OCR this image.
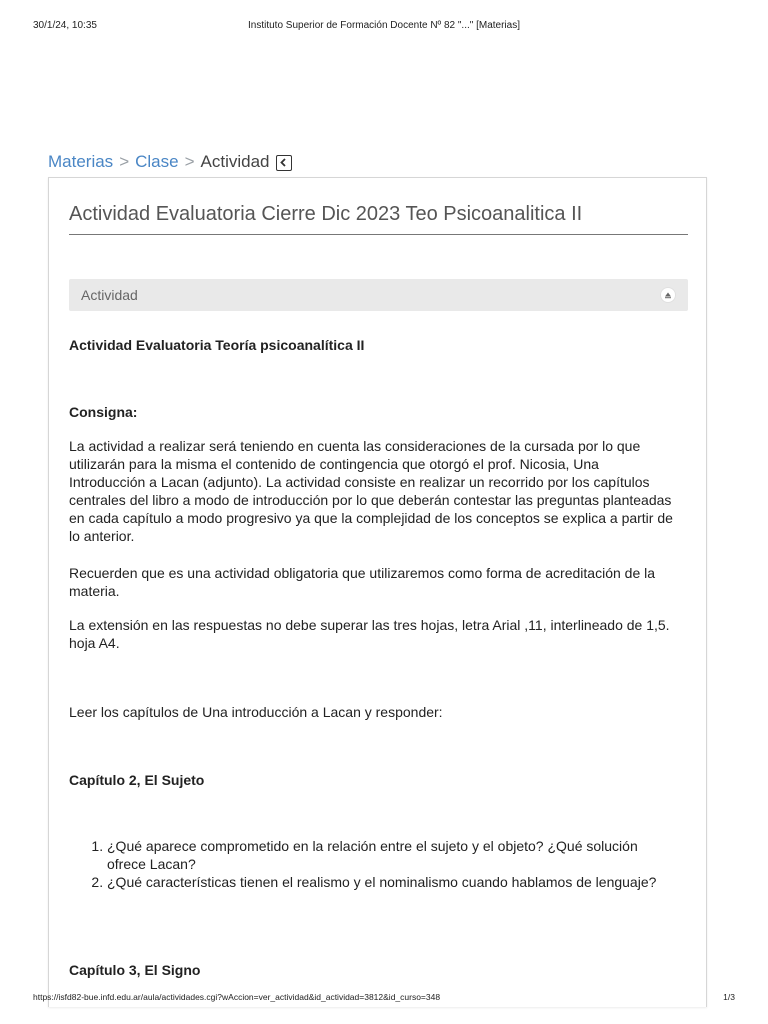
30/1/24, 10:35	Instituto Superior de Formación Docente Nº 82 "..." [Materias]
Materias > Clase > Actividad
Actividad Evaluatoria Cierre Dic 2023 Teo Psicoanalitica II
Actividad

Actividad Evaluatoria Teoría psicoanalítica II

Consigna:

La actividad a realizar será teniendo en cuenta las consideraciones de la cursada por lo que utilizarán para la misma el contenido de contingencia que otorgó el prof. Nicosia, Una Introducción a Lacan (adjunto). La actividad consiste en realizar un recorrido por los capítulos centrales del libro a modo de introducción por lo que deberán contestar las preguntas planteadas en cada capítulo a modo progresivo ya que la complejidad de los conceptos se explica a partir de lo anterior.

Recuerden que es una actividad obligatoria que utilizaremos como forma de acreditación de la materia.

La extensión en las respuestas no debe superar las tres hojas, letra Arial ,11, interlineado de 1,5. hoja A4.

Leer los capítulos de Una introducción a Lacan y responder:

Capítulo 2, El Sujeto

1. ¿Qué aparece comprometido en la relación entre el sujeto y el objeto? ¿Qué solución ofrece Lacan?
2. ¿Qué características tienen el realismo y el nominalismo cuando hablamos de lenguaje?

Capítulo 3, El Signo

https://isfd82-bue.infd.edu.ar/aula/actividades.cgi?wAccion=ver_actividad&id_actividad=3812&id_curso=348	1/3
